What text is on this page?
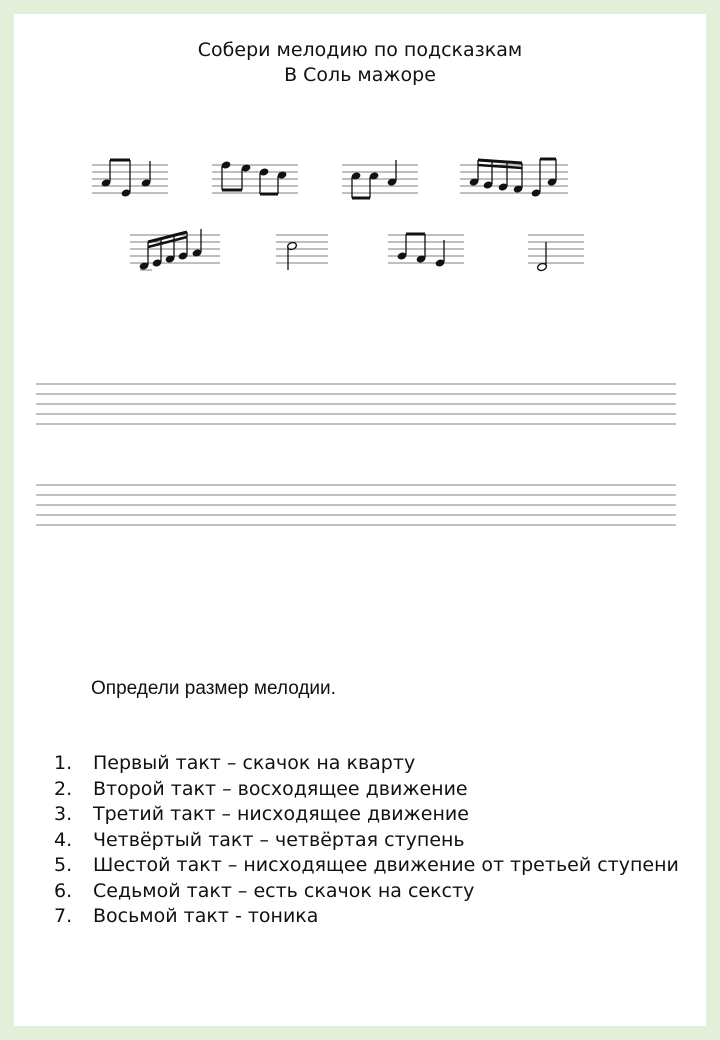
Собери мелодию по подсказкам
В Соль мажоре
Определи размер мелодии.
1. Первый такт – скачок на кварту
2. Второй такт – восходящее движение
3. Третий такт – нисходящее движение
4. Четвёртый такт – четвёртая ступень
5. Шестой такт – нисходящее движение от третьей ступени
6. Седьмой такт – есть скачок на сексту
7. Восьмой такт - тоника
